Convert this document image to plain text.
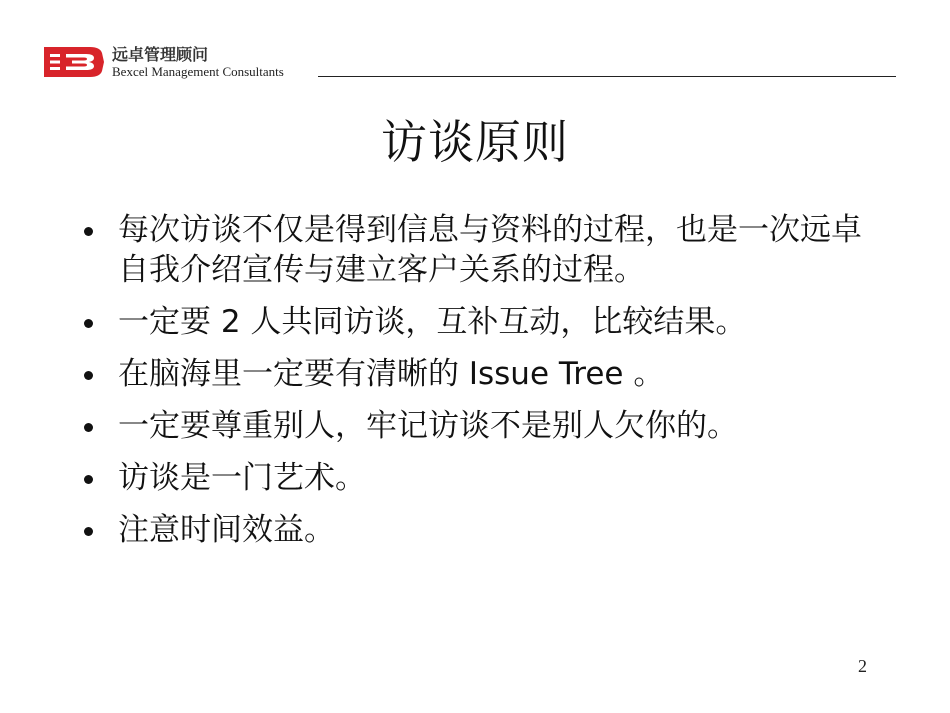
远卓管理顾问
Bexcel Management Consultants
访谈原则
每次访谈不仅是得到信息与资料的过程，也是一次远卓自我介绍宣传与建立客户关系的过程。
一定要 2 人共同访谈，互补互动，比较结果。
在脑海里一定要有清晰的 Issue Tree 。
一定要尊重别人，牢记访谈不是别人欠你的。
访谈是一门艺术。
注意时间效益。
2
